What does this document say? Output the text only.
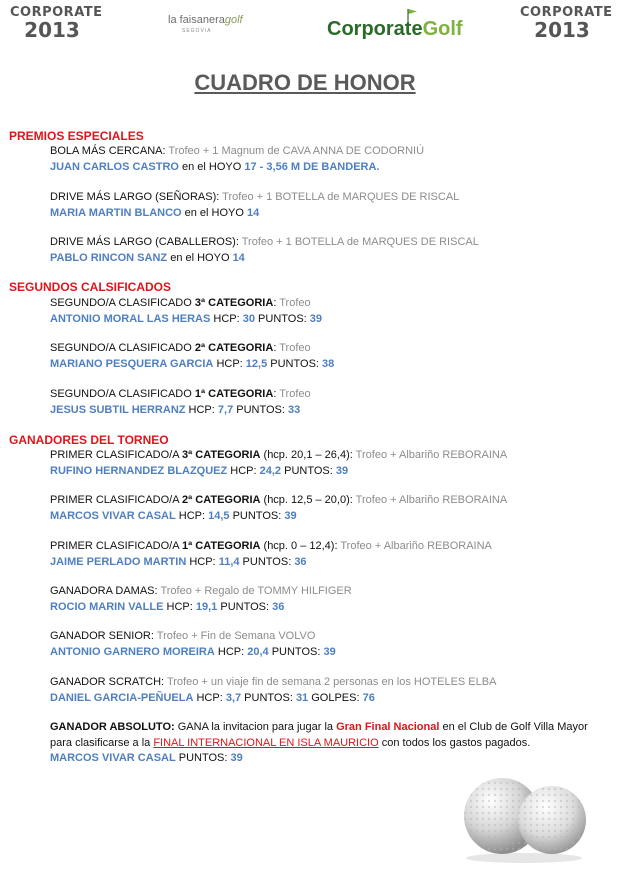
CORPORATE
2013	la faisaneragolf
SEGOVIA	CorporateGolf
CORPORATE
2013
CUADRO DE HONOR
PREMIOS ESPECIALES
BOLA MÁS CERCANA: Trofeo + 1 Magnum de CAVA ANNA DE CODORNIÚ
JUAN CARLOS CASTRO en el HOYO 17 - 3,56 M DE BANDERA.
DRIVE MÁS LARGO (SEÑORAS): Trofeo + 1 BOTELLA de MARQUES DE RISCAL
MARIA MARTIN BLANCO en el HOYO 14
DRIVE MÁS LARGO (CABALLEROS): Trofeo + 1 BOTELLA de MARQUES DE RISCAL
PABLO RINCON SANZ en el HOYO 14
SEGUNDOS CALSIFICADOS
SEGUNDO/A CLASIFICADO 3ª CATEGORIA: Trofeo
ANTONIO MORAL LAS HERAS HCP: 30 PUNTOS: 39
SEGUNDO/A CLASIFICADO 2ª CATEGORIA: Trofeo
MARIANO PESQUERA GARCIA HCP: 12,5 PUNTOS: 38
SEGUNDO/A CLASIFICADO 1ª CATEGORIA: Trofeo
JESUS SUBTIL HERRANZ HCP: 7,7 PUNTOS: 33
GANADORES DEL TORNEO
PRIMER CLASIFICADO/A 3ª CATEGORIA (hcp. 20,1 – 26,4): Trofeo + Albariño REBORAINA
RUFINO HERNANDEZ BLAZQUEZ HCP: 24,2 PUNTOS: 39
PRIMER CLASIFICADO/A 2ª CATEGORIA (hcp. 12,5 – 20,0): Trofeo + Albariño REBORAINA
MARCOS VIVAR CASAL HCP: 14,5 PUNTOS: 39
PRIMER CLASIFICADO/A 1ª CATEGORIA (hcp. 0 – 12,4): Trofeo + Albariño REBORAINA
JAIME PERLADO MARTIN HCP: 11,4 PUNTOS: 36
GANADORA DAMAS: Trofeo + Regalo de TOMMY HILFIGER
ROCIO MARIN VALLE HCP: 19,1 PUNTOS: 36
GANADOR SENIOR: Trofeo + Fin de Semana VOLVO
ANTONIO GARNERO MOREIRA HCP: 20,4 PUNTOS: 39
GANADOR SCRATCH: Trofeo + un viaje fin de semana 2 personas en los HOTELES ELBA
DANIEL GARCIA-PEÑUELA HCP: 3,7 PUNTOS: 31 GOLPES: 76
GANADOR ABSOLUTO: GANA la invitacion para jugar la Gran Final Nacional en el Club de Golf Villa Mayor
para clasificarse a la FINAL INTERNACIONAL EN ISLA MAURICIO con todos los gastos pagados.
MARCOS VIVAR CASAL PUNTOS: 39
